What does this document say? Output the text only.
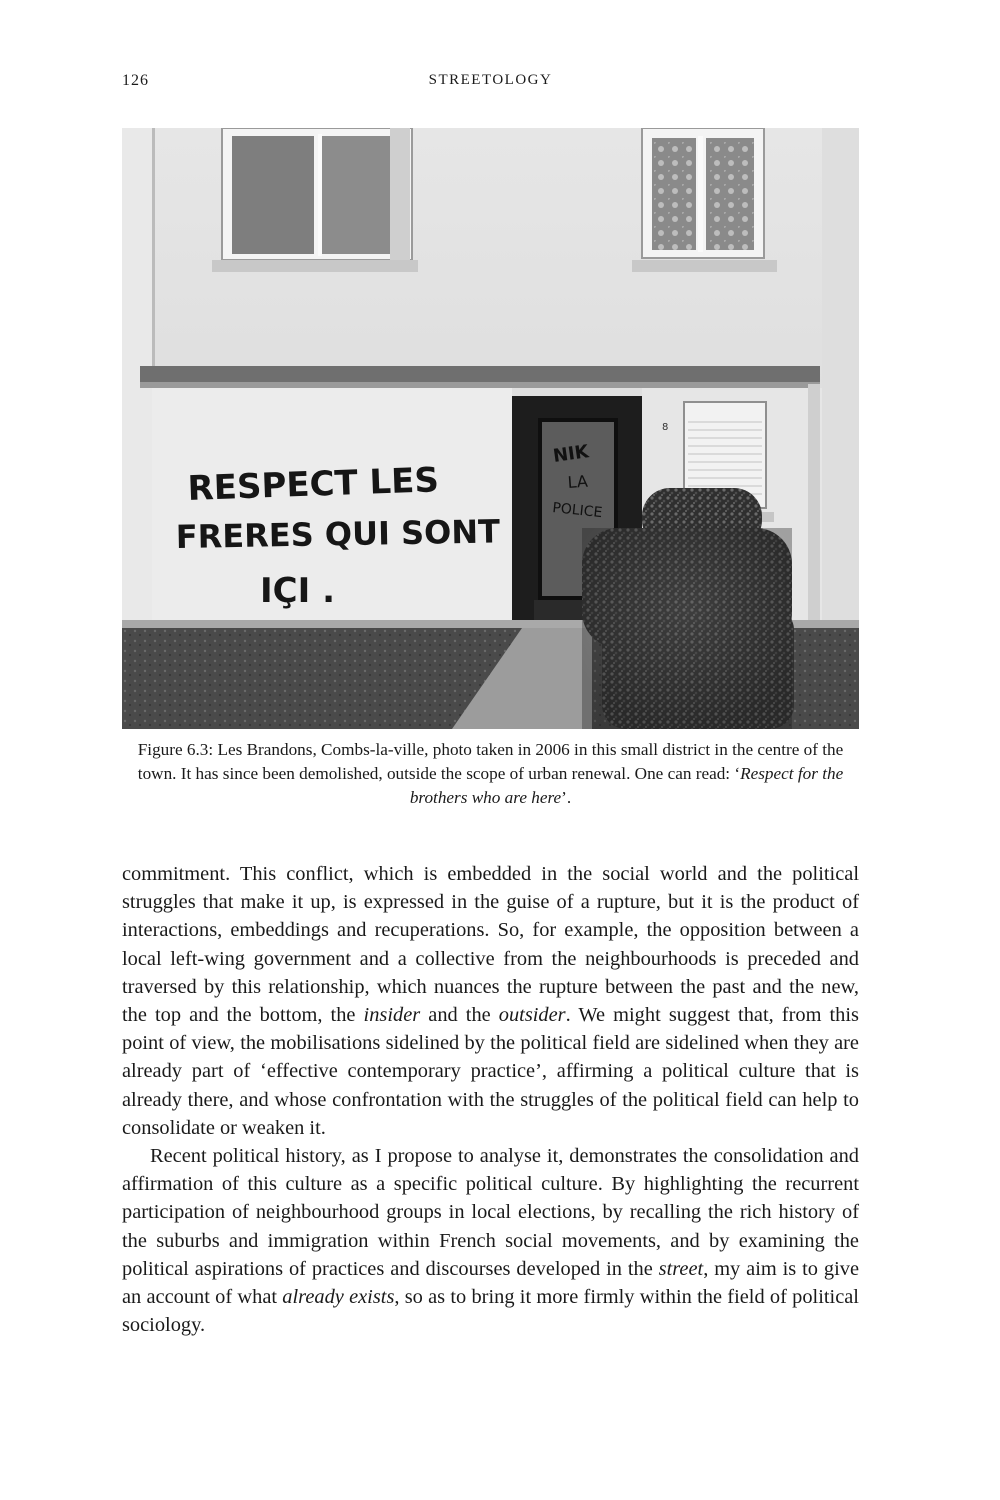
126	STREETOLOGY
NIK
LA
POLICE
8
RESPECT LES
FRERES QUI SONT
IÇI .
Figure 6.3: Les Brandons, Combs-la-ville, photo taken in 2006 in this small district in the centre of the town. It has since been demolished, outside the scope of urban renewal. One can read: ‘Respect for the brothers who are here’.

commitment. This conflict, which is embedded in the social world and the political struggles that make it up, is expressed in the guise of a rupture, but it is the product of interactions, embeddings and recuperations. So, for example, the opposition between a local left-wing government and a collective from the neighbourhoods is preceded and traversed by this relationship, which nuances the rupture between the past and the new, the top and the bottom, the insider and the outsider. We might suggest that, from this point of view, the mobilisations sidelined by the political field are sidelined when they are already part of ‘effective contemporary practice’, affirming a political culture that is already there, and whose confrontation with the struggles of the political field can help to consolidate or weaken it.

Recent political history, as I propose to analyse it, demonstrates the consolidation and affirmation of this culture as a specific political culture. By highlighting the recurrent participation of neighbourhood groups in local elections, by recalling the rich history of the suburbs and immigration within French social movements, and by examining the political aspirations of practices and discourses developed in the street, my aim is to give an account of what already exists, so as to bring it more firmly within the field of political sociology.
